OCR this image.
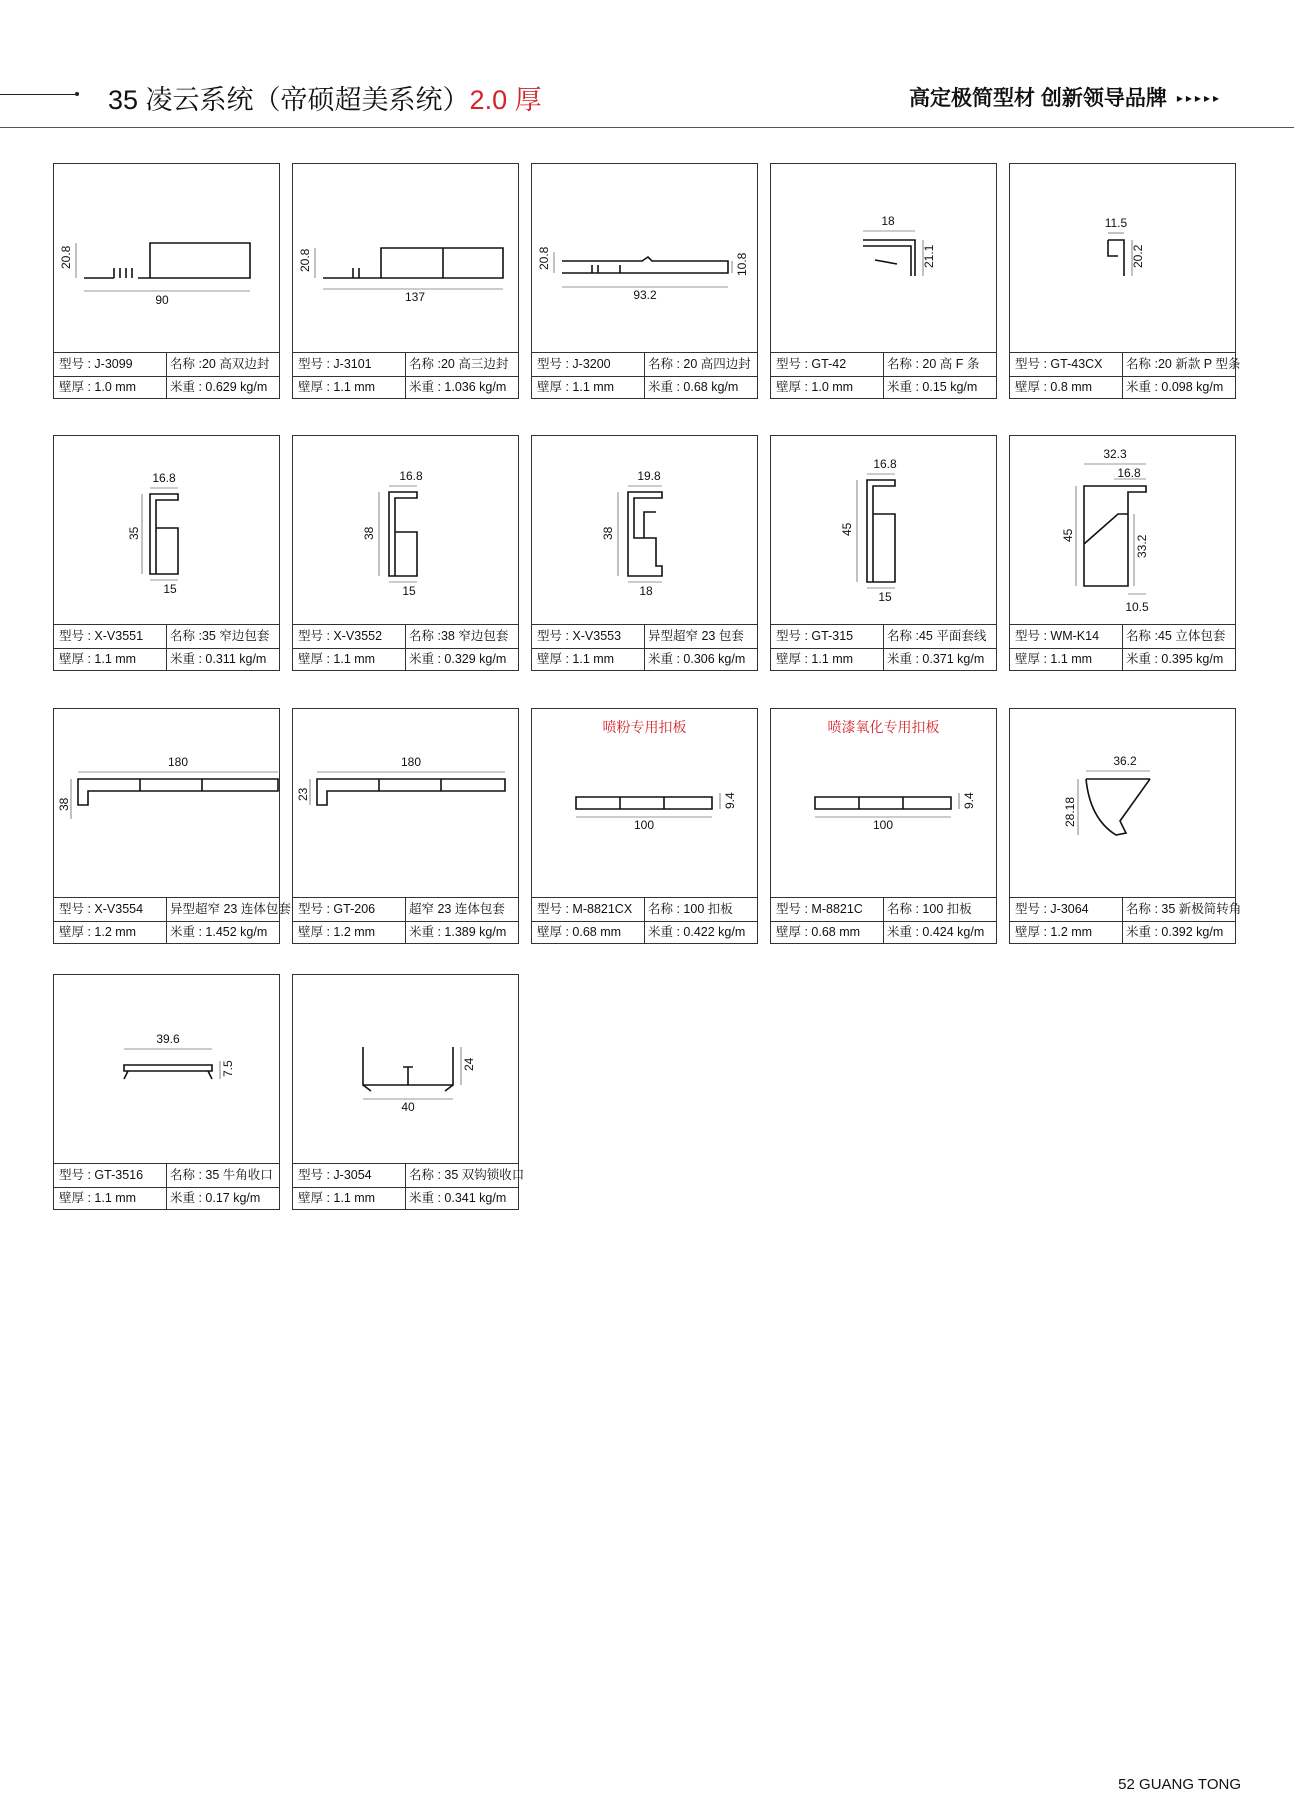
35 凌云系统（帝硕超美系统）2.0 厚	高定极简型材 创新领导品牌 ▸▸▸▸▸
20.8
90
型号 : J-3099	名称 :20 高双边封
壁厚 : 1.0 mm	米重 : 0.629 kg/m
20.8
137
型号 : J-3101	名称 :20 高三边封
壁厚 : 1.1 mm	米重 : 1.036 kg/m
20.8
93.2
10.8
型号 : J-3200	名称 : 20 高四边封
壁厚 : 1.1 mm	米重 : 0.68 kg/m
18
21.1
型号 : GT-42	名称 : 20 高 F 条
壁厚 : 1.0 mm	米重 : 0.15 kg/m
11.5
20.2
型号 : GT-43CX	名称 :20 新款 P 型条
壁厚 : 0.8 mm	米重 : 0.098 kg/m
16.8
35
15
型号 : X-V3551	名称 :35 窄边包套
壁厚 : 1.1 mm	米重 : 0.311 kg/m
16.8
38
15
型号 : X-V3552	名称 :38 窄边包套
壁厚 : 1.1 mm	米重 : 0.329 kg/m
19.8
38
18
型号 : X-V3553	异型超窄 23 包套
壁厚 : 1.1 mm	米重 : 0.306 kg/m
16.8
45
15
型号 : GT-315	名称 :45 平面套线
壁厚 : 1.1 mm	米重 : 0.371 kg/m
32.3
16.8
45	33.2
10.5
型号 : WM-K14	名称 :45 立体包套
壁厚 : 1.1 mm	米重 : 0.395 kg/m
180
38
型号 : X-V3554	异型超窄 23 连体包套
壁厚 : 1.2 mm	米重 : 1.452 kg/m
180
23
型号 : GT-206	超窄 23 连体包套
壁厚 : 1.2 mm	米重 : 1.389 kg/m
喷粉专用扣板
9.4
100
型号 : M-8821CX	名称 : 100 扣板
壁厚 : 0.68 mm	米重 : 0.422 kg/m
喷漆氧化专用扣板
9.4
100
型号 : M-8821C	名称 : 100 扣板
壁厚 : 0.68 mm	米重 : 0.424 kg/m
36.2
28.18
型号 : J-3064	名称 : 35 新极简转角
壁厚 : 1.2 mm	米重 : 0.392 kg/m
39.6
7.5
型号 : GT-3516	名称 : 35 牛角收口
壁厚 : 1.1 mm	米重 : 0.17 kg/m
24
40
型号 : J-3054	名称 : 35 双钩锁收口
壁厚 : 1.1 mm	米重 : 0.341 kg/m
52 GUANG TONG
